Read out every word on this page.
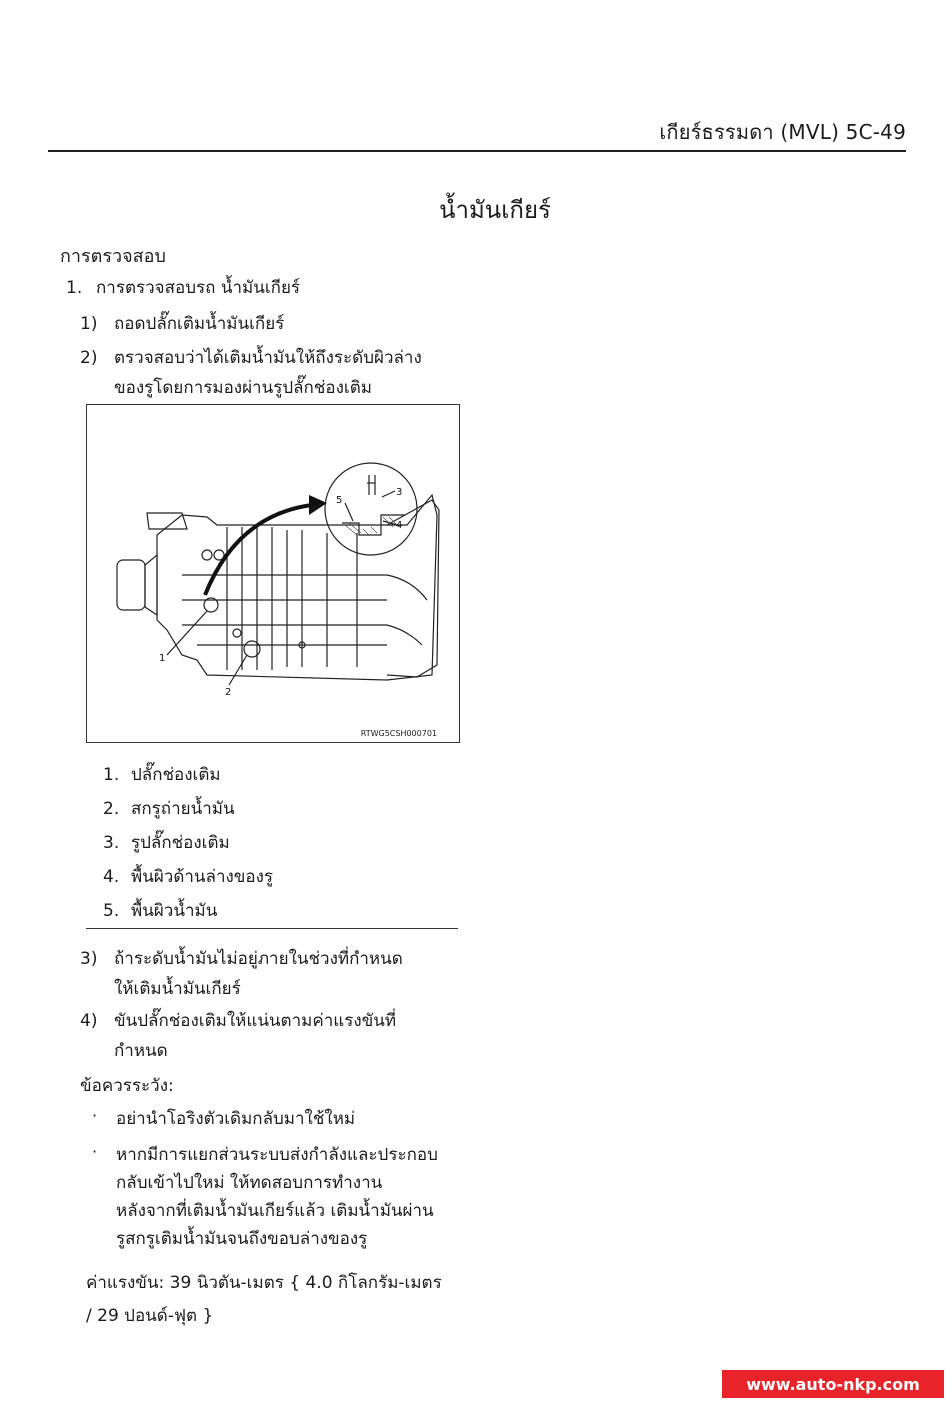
เกียร์ธรรมดา (MVL) 5C-49
น้ำมันเกียร์
การตรวจสอบ
1. การตรวจสอบรถ น้ำมันเกียร์
1) ถอดปลั๊กเติมน้ำมันเกียร์
2) ตรวจสอบว่าได้เติมน้ำมันให้ถึงระดับผิวล่าง
ของรูโดยการมองผ่านรูปลั๊กช่องเติม
1
2
3
4
5
RTWG5CSH000701
1. ปลั๊กช่องเติม
2. สกรูถ่ายน้ำมัน
3. รูปลั๊กช่องเติม
4. พื้นผิวด้านล่างของรู
5. พื้นผิวน้ำมัน
3) ถ้าระดับน้ำมันไม่อยู่ภายในช่วงที่กำหนด
ให้เติมน้ำมันเกียร์
4) ขันปลั๊กช่องเติมให้แน่นตามค่าแรงขันที่
กำหนด
ข้อควรระวัง:
· อย่านำโอริงตัวเดิมกลับมาใช้ใหม่
· หากมีการแยกส่วนระบบส่งกำลังและประกอบ
กลับเข้าไปใหม่ ให้ทดสอบการทำงาน
หลังจากที่เติมน้ำมันเกียร์แล้ว เติมน้ำมันผ่าน
รูสกรูเติมน้ำมันจนถึงขอบล่างของรู
ค่าแรงขัน: 39 นิวตัน-เมตร { 4.0 กิโลกรัม-เมตร
/ 29 ปอนด์-ฟุต }
www.auto-nkp.com
